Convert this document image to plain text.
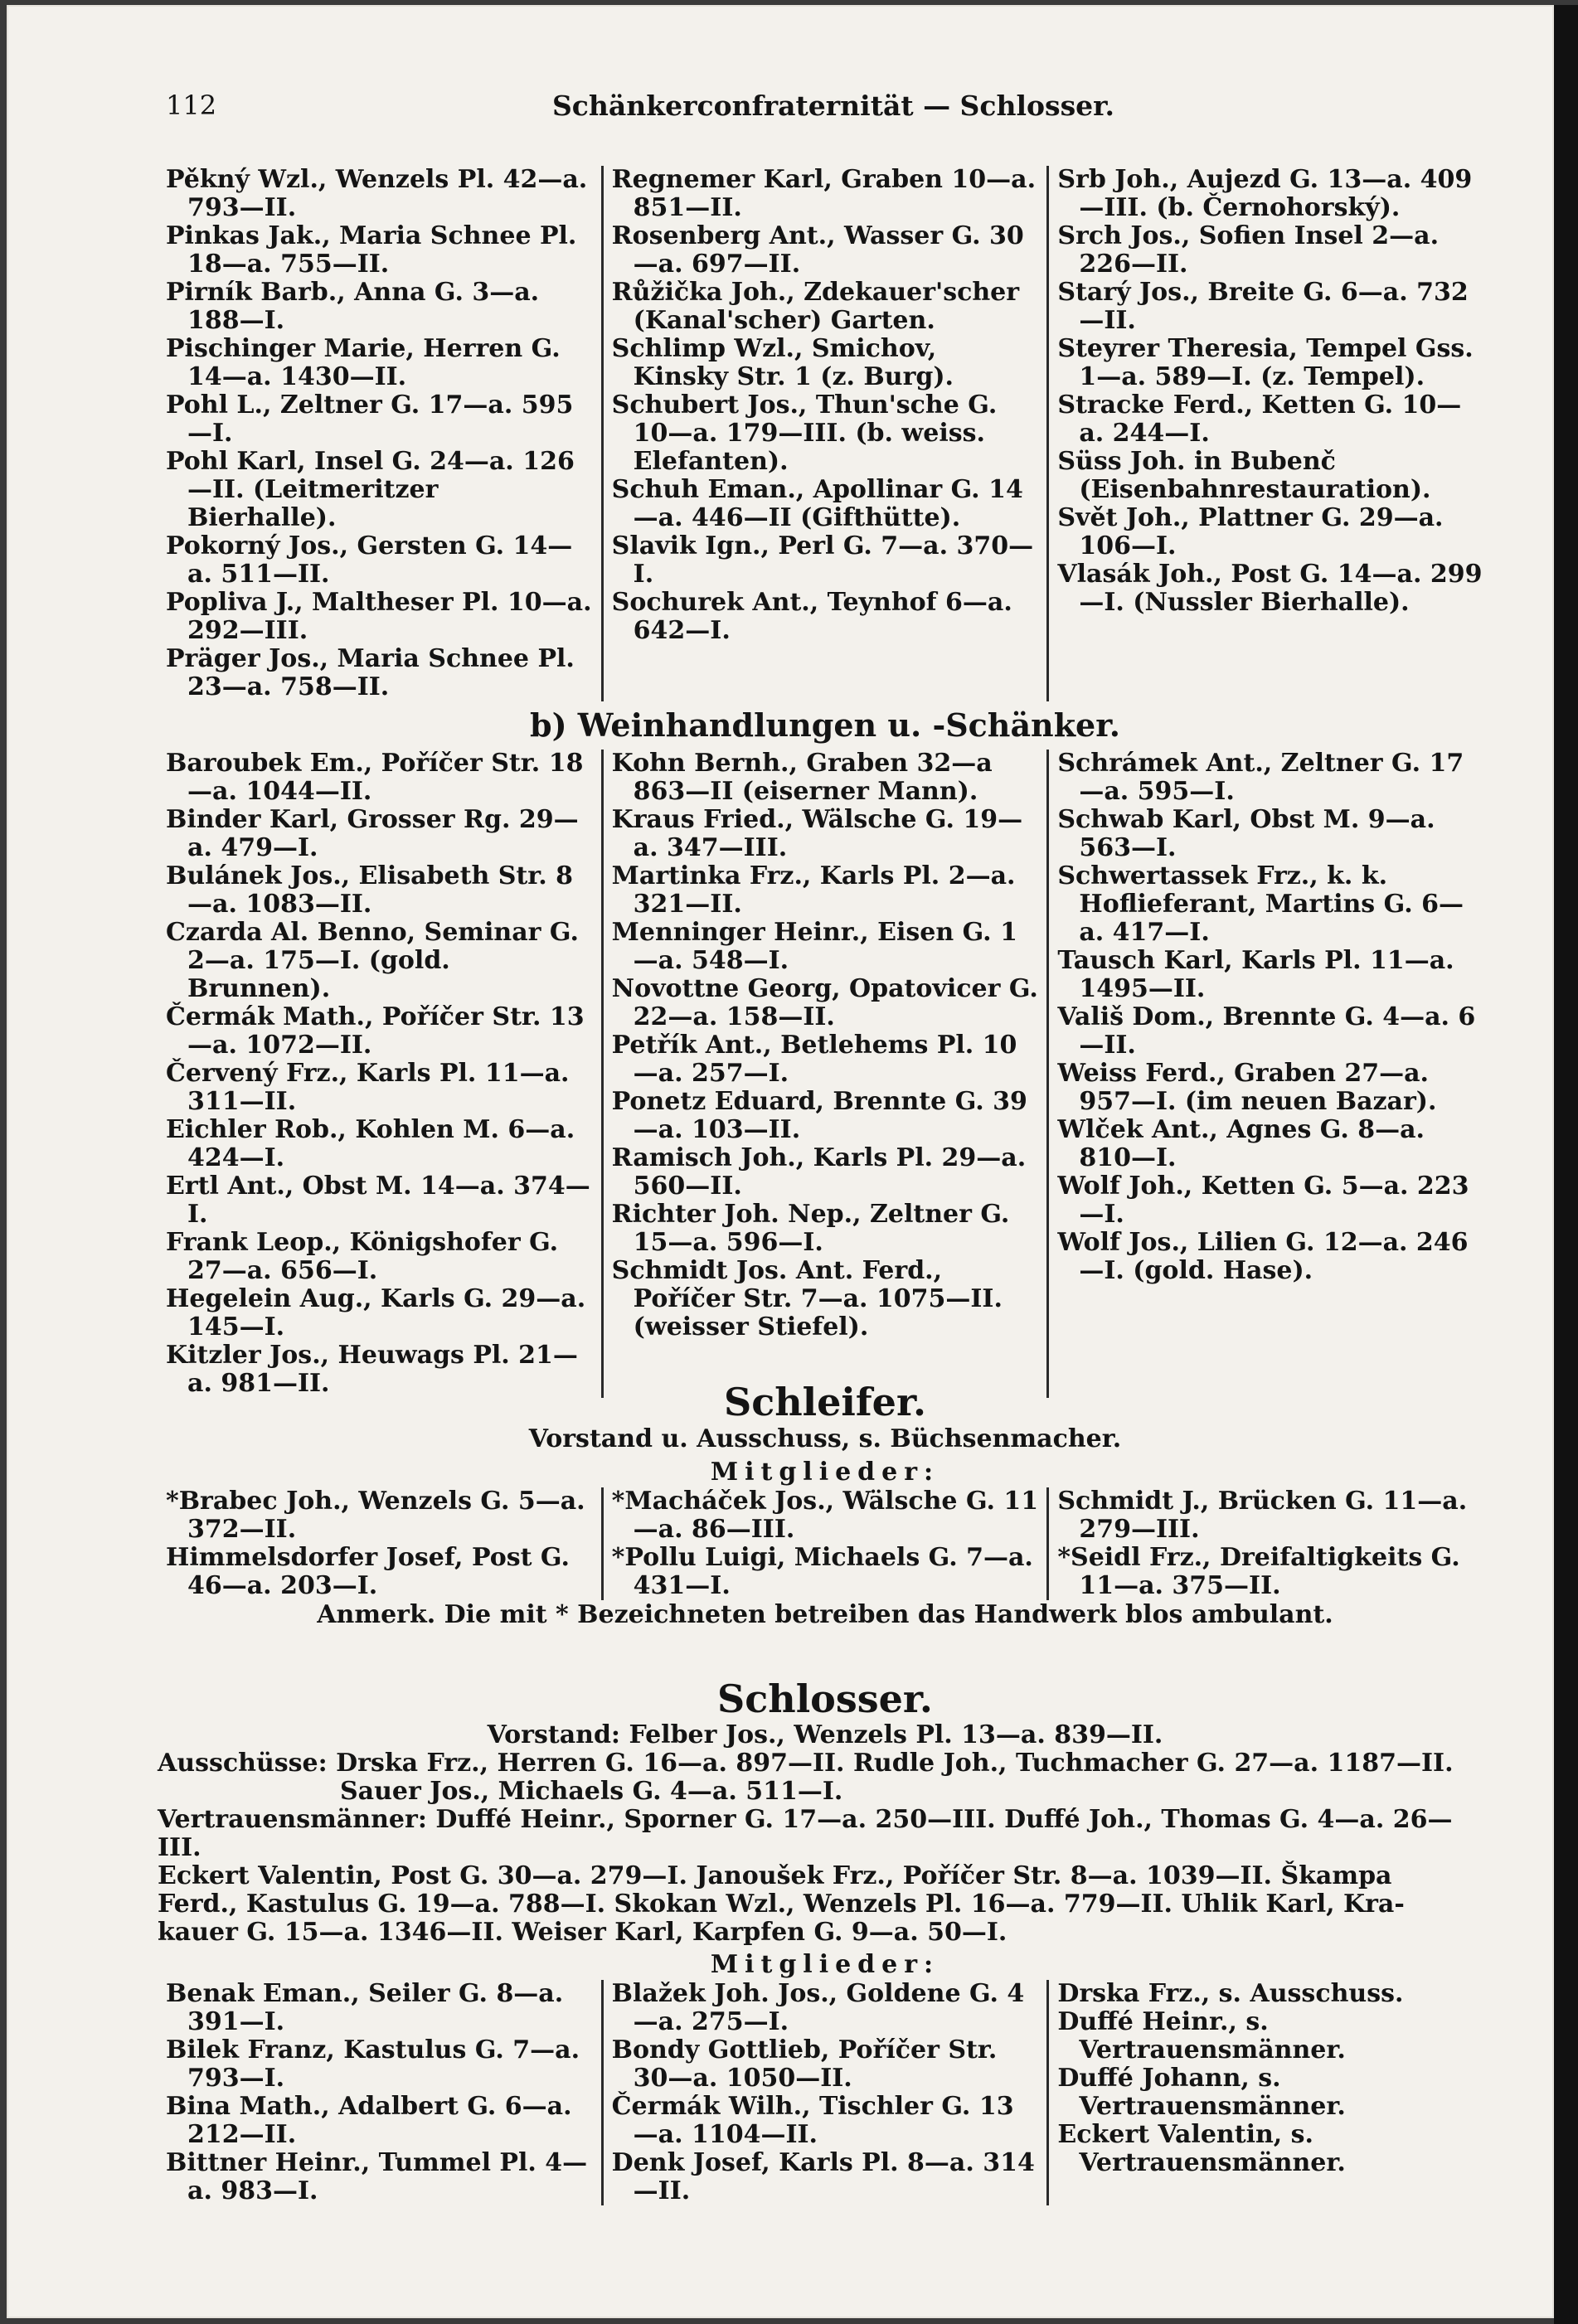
112	Schänkerconfraternität — Schlosser.
Pěkný Wzl., Wenzels Pl. 42—a. 793—II.
Pinkas Jak., Maria Schnee Pl. 18—a. 755—II.
Pirník Barb., Anna G. 3—a. 188—I.
Pischinger Marie, Herren G. 14—a. 1430—II.
Pohl L., Zeltner G. 17—a. 595—I.
Pohl Karl, Insel G. 24—a. 126—II. (Leitmeritzer Bierhalle).
Pokorný Jos., Gersten G. 14—a. 511—II.
Popliva J., Maltheser Pl. 10—a. 292—III.
Präger Jos., Maria Schnee Pl. 23—a. 758—II.
Regnemer Karl, Graben 10—a. 851—II.
Rosenberg Ant., Wasser G. 30—a. 697—II.
Růžička Joh., Zdekauer'scher (Kanal'scher) Garten.
Schlimp Wzl., Smichov, Kinsky Str. 1 (z. Burg).
Schubert Jos., Thun'sche G. 10—a. 179—III. (b. weiss. Elefanten).
Schuh Eman., Apollinar G. 14—a. 446—II (Gifthütte).
Slavik Ign., Perl G. 7—a. 370—I.
Sochurek Ant., Teynhof 6—a. 642—I.
Srb Joh., Aujezd G. 13—a. 409—III. (b. Černohorský).
Srch Jos., Sofien Insel 2—a. 226—II.
Starý Jos., Breite G. 6—a. 732—II.
Steyrer Theresia, Tempel Gss. 1—a. 589—I. (z. Tempel).
Stracke Ferd., Ketten G. 10—a. 244—I.
Süss Joh. in Bubenč (Eisenbahnrestauration).
Svět Joh., Plattner G. 29—a. 106—I.
Vlasák Joh., Post G. 14—a. 299—I. (Nussler Bierhalle).
b) Weinhandlungen u. -Schänker.
Baroubek Em., Poříčer Str. 18—a. 1044—II.
Binder Karl, Grosser Rg. 29—a. 479—I.
Bulánek Jos., Elisabeth Str. 8—a. 1083—II.
Czarda Al. Benno, Seminar G. 2—a. 175—I. (gold. Brunnen).
Čermák Math., Poříčer Str. 13—a. 1072—II.
Červený Frz., Karls Pl. 11—a. 311—II.
Eichler Rob., Kohlen M. 6—a. 424—I.
Ertl Ant., Obst M. 14—a. 374—I.
Frank Leop., Königshofer G. 27—a. 656—I.
Hegelein Aug., Karls G. 29—a. 145—I.
Kitzler Jos., Heuwags Pl. 21—a. 981—II.
Kohn Bernh., Graben 32—a 863—II (eiserner Mann).
Kraus Fried., Wälsche G. 19—a. 347—III.
Martinka Frz., Karls Pl. 2—a. 321—II.
Menninger Heinr., Eisen G. 1—a. 548—I.
Novottne Georg, Opatovicer G. 22—a. 158—II.
Petřík Ant., Betlehems Pl. 10—a. 257—I.
Ponetz Eduard, Brennte G. 39—a. 103—II.
Ramisch Joh., Karls Pl. 29—a. 560—II.
Richter Joh. Nep., Zeltner G. 15—a. 596—I.
Schmidt Jos. Ant. Ferd., Poříčer Str. 7—a. 1075—II. (weisser Stiefel).
Schrámek Ant., Zeltner G. 17—a. 595—I.
Schwab Karl, Obst M. 9—a. 563—I.
Schwertassek Frz., k. k. Hoflieferant, Martins G. 6—a. 417—I.
Tausch Karl, Karls Pl. 11—a. 1495—II.
Vališ Dom., Brennte G. 4—a. 6—II.
Weiss Ferd., Graben 27—a. 957—I. (im neuen Bazar).
Wlček Ant., Agnes G. 8—a. 810—I.
Wolf Joh., Ketten G. 5—a. 223—I.
Wolf Jos., Lilien G. 12—a. 246—I. (gold. Hase).
Schleifer.
Vorstand u. Ausschuss, s. Büchsenmacher.
Mitglieder:
*Brabec Joh., Wenzels G. 5—a. 372—II.
Himmelsdorfer Josef, Post G. 46—a. 203—I.
*Macháček Jos., Wälsche G. 11—a. 86—III.
*Pollu Luigi, Michaels G. 7—a. 431—I.
Schmidt J., Brücken G. 11—a. 279—III.
*Seidl Frz., Dreifaltigkeits G. 11—a. 375—II.
Anmerk. Die mit * Bezeichneten betreiben das Handwerk blos ambulant.
Schlosser.
Vorstand: Felber Jos., Wenzels Pl. 13—a. 839—II.
Ausschüsse: Drska Frz., Herren G. 16—a. 897—II. Rudle Joh., Tuchmacher G. 27—a. 1187—II.
Sauer Jos., Michaels G. 4—a. 511—I.
Vertrauensmänner: Duffé Heinr., Sporner G. 17—a. 250—III. Duffé Joh., Thomas G. 4—a. 26—III.
Eckert Valentin, Post G. 30—a. 279—I. Janoušek Frz., Poříčer Str. 8—a. 1039—II. Škampa
Ferd., Kastulus G. 19—a. 788—I. Skokan Wzl., Wenzels Pl. 16—a. 779—II. Uhlik Karl, Kra-
kauer G. 15—a. 1346—II. Weiser Karl, Karpfen G. 9—a. 50—I.
Mitglieder:
Benak Eman., Seiler G. 8—a. 391—I.
Bilek Franz, Kastulus G. 7—a. 793—I.
Bina Math., Adalbert G. 6—a. 212—II.
Bittner Heinr., Tummel Pl. 4—a. 983—I.
Blažek Joh. Jos., Goldene G. 4—a. 275—I.
Bondy Gottlieb, Poříčer Str. 30—a. 1050—II.
Čermák Wilh., Tischler G. 13—a. 1104—II.
Denk Josef, Karls Pl. 8—a. 314—II.
Drska Frz., s. Ausschuss.
Duffé Heinr., s. Vertrauensmänner.
Duffé Johann, s. Vertrauensmänner.
Eckert Valentin, s. Vertrauensmänner.
